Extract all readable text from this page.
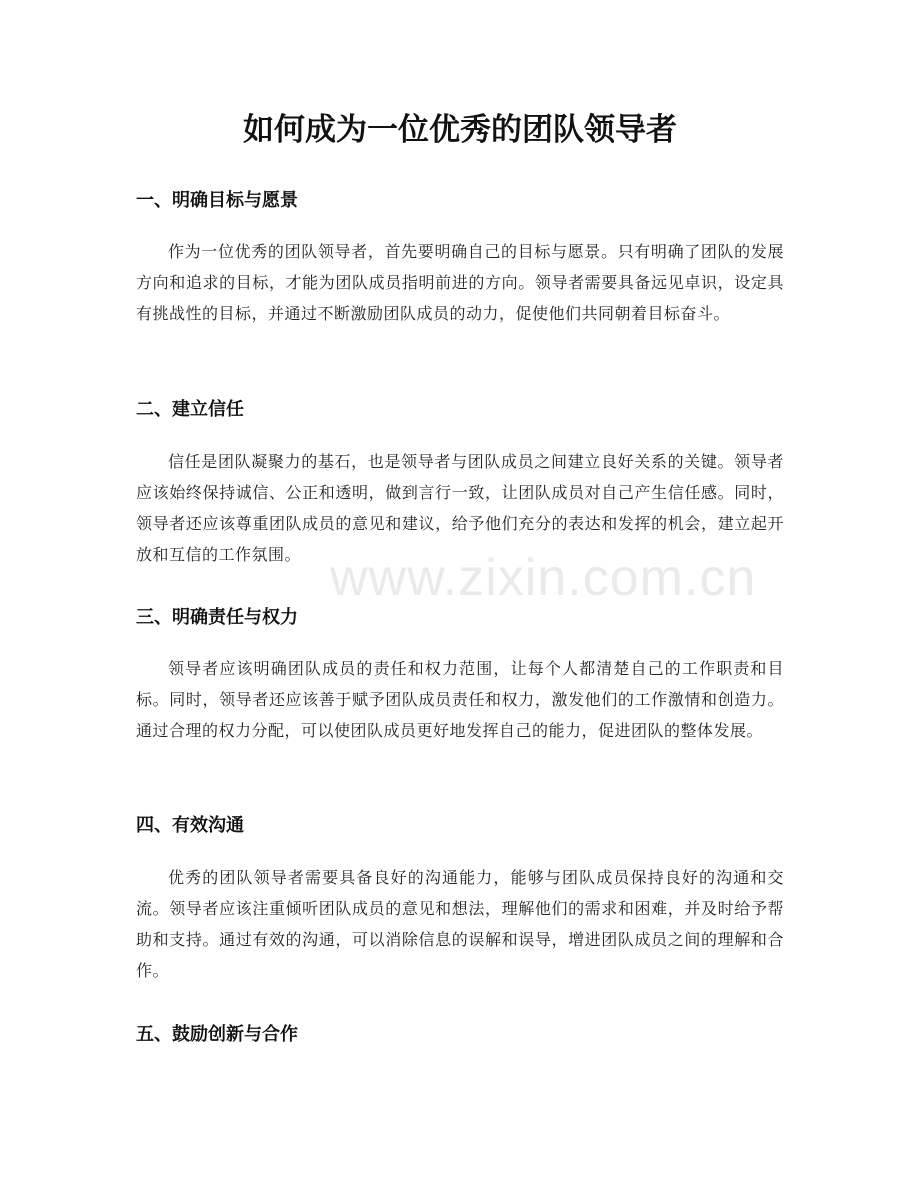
如何成为一位优秀的团队领导者
一、明确目标与愿景

作为一位优秀的团队领导者，首先要明确自己的目标与愿景。只有明确了团队的发展方向和追求的目标，才能为团队成员指明前进的方向。领导者需要具备远见卓识，设定具有挑战性的目标，并通过不断激励团队成员的动力，促使他们共同朝着目标奋斗。

二、建立信任

信任是团队凝聚力的基石，也是领导者与团队成员之间建立良好关系的关键。领导者应该始终保持诚信、公正和透明，做到言行一致，让团队成员对自己产生信任感。同时，领导者还应该尊重团队成员的意见和建议，给予他们充分的表达和发挥的机会，建立起开放和互信的工作氛围。

三、明确责任与权力

领导者应该明确团队成员的责任和权力范围，让每个人都清楚自己的工作职责和目标。同时，领导者还应该善于赋予团队成员责任和权力，激发他们的工作激情和创造力。通过合理的权力分配，可以使团队成员更好地发挥自己的能力，促进团队的整体发展。

四、有效沟通

优秀的团队领导者需要具备良好的沟通能力，能够与团队成员保持良好的沟通和交流。领导者应该注重倾听团队成员的意见和想法，理解他们的需求和困难，并及时给予帮助和支持。通过有效的沟通，可以消除信息的误解和误导，增进团队成员之间的理解和合作。

五、鼓励创新与合作
www.zixin.com.cn
